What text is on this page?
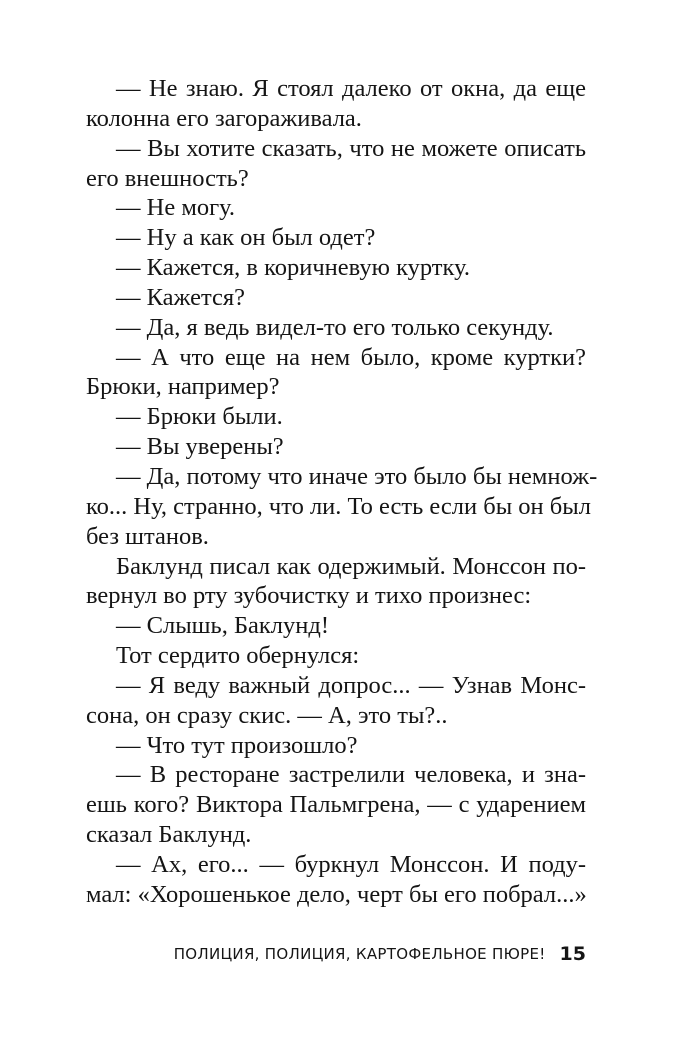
— Не знаю. Я стоял далеко от окна, да еще
колонна его загораживала.
— Вы хотите сказать, что не можете описать
его внешность?
— Не могу.
— Ну а как он был одет?
— Кажется, в коричневую куртку.
— Кажется?
— Да, я ведь видел-то его только секунду.
— А что еще на нем было, кроме куртки?
Брюки, например?
— Брюки были.
— Вы уверены?
— Да, потому что иначе это было бы немнож-
ко... Ну, странно, что ли. То есть если бы он был
без штанов.
Баклунд писал как одержимый. Монссон по-
вернул во рту зубочистку и тихо произнес:
— Слышь, Баклунд!
Тот сердито обернулся:
— Я веду важный допрос... — Узнав Монс-
сона, он сразу скис. — А, это ты?..
— Что тут произошло?
— В ресторане застрелили человека, и зна-
ешь кого? Виктора Пальмгрена, — с ударением
сказал Баклунд.
— Ах, его... — буркнул Монссон. И поду-
мал: «Хорошенькое дело, черт бы его побрал...»
ПОЛИЦИЯ, ПОЛИЦИЯ, КАРТОФЕЛЬНОЕ ПЮРЕ! 15
